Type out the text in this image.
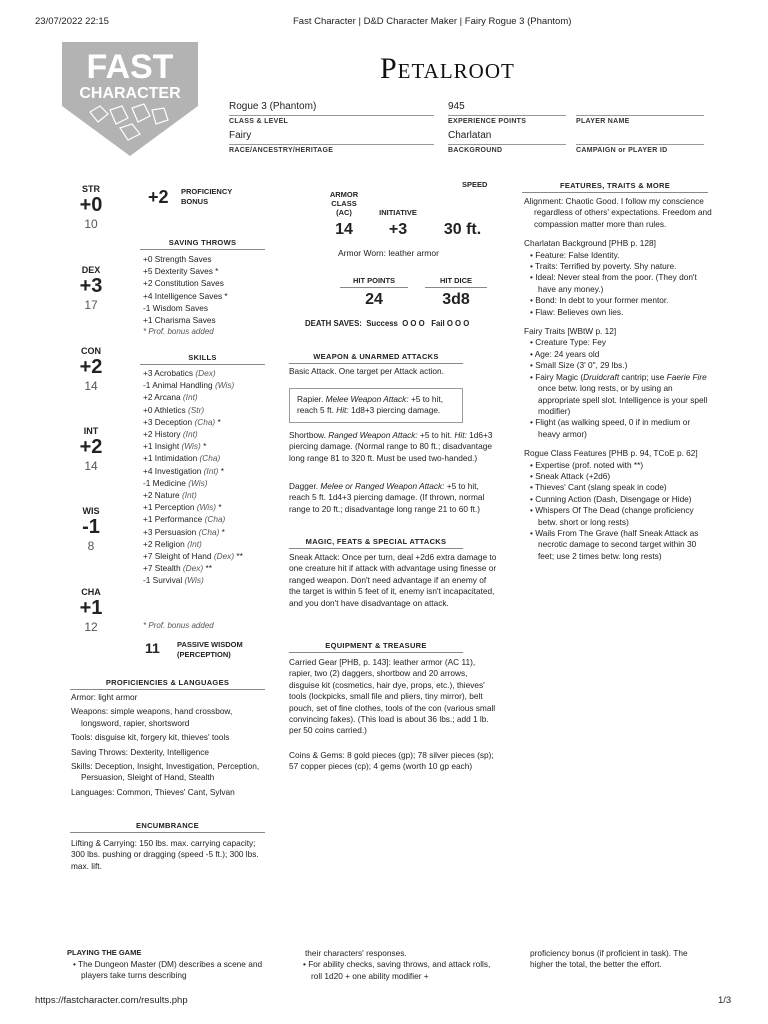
23/07/2022 22:15	Fast Character | D&D Character Maker | Fairy Rogue 3 (Phantom)
FAST
CHARACTER
Petalroot
Rogue 3 (Phantom)
CLASS & LEVEL
945
EXPERIENCE POINTS	PLAYER NAME
Fairy
RACE/ANCESTRY/HERITAGE
Charlatan
BACKGROUND	CAMPAIGN or PLAYER ID
STR
+0
10
DEX
+3
17
CON
+2
14
INT
+2
14
WIS
-1
8
CHA
+1
12
+2 PROFICIENCY
BONUS
SAVING THROWS
+0 Strength Saves
+5 Dexterity Saves *
+2 Constitution Saves
+4 Intelligence Saves *
-1 Wisdom Saves
+1 Charisma Saves
* Prof. bonus added
SKILLS
+3 Acrobatics (Dex)
-1 Animal Handling (Wis)
+2 Arcana (Int)
+0 Athletics (Str)
+3 Deception (Cha) *
+2 History (Int)
+1 Insight (Wis) *
+1 Intimidation (Cha)
+4 Investigation (Int) *
-1 Medicine (Wis)
+2 Nature (Int)
+1 Perception (Wis) *
+1 Performance (Cha)
+3 Persuasion (Cha) *
+2 Religion (Int)
+7 Sleight of Hand (Dex) **
+7 Stealth (Dex) **
-1 Survival (Wis)
* Prof. bonus added
11 PASSIVE WISDOM
(PERCEPTION)
PROFICIENCIES & LANGUAGES
Armor: light armor
Weapons: simple weapons, hand crossbow, longsword, rapier, shortsword
Tools: disguise kit, forgery kit, thieves' tools
Saving Throws: Dexterity, Intelligence
Skills: Deception, Insight, Investigation, Perception, Persuasion, Sleight of Hand, Stealth
Languages: Common, Thieves' Cant, Sylvan
ENCUMBRANCE
Lifting & Carrying: 150 lbs. max. carrying capacity; 300 lbs. pushing or dragging (speed -5 ft.); 300 lbs. max. lift.
SPEED
ARMOR
CLASS
(AC)	INITIATIVE
14	+3	30 ft.
Armor Worn: leather armor
HIT POINTS	HIT DICE
24	3d8
DEATH SAVES:  Success  O O O   Fail O O O
WEAPON & UNARMED ATTACKS
Basic Attack. One target per Attack action.
Rapier. Melee Weapon Attack: +5 to hit, reach 5 ft. Hit: 1d8+3 piercing damage.
Shortbow. Ranged Weapon Attack: +5 to hit. Hit: 1d6+3 piercing damage. (Normal range to 80 ft.; disadvantage long range 81 to 320 ft. Must be used two-handed.)
Dagger. Melee or Ranged Weapon Attack: +5 to hit, reach 5 ft. 1d4+3 piercing damage. (If thrown, normal range to 20 ft.; disadvantage long range 21 to 60 ft.)
MAGIC, FEATS & SPECIAL ATTACKS
Sneak Attack: Once per turn, deal +2d6 extra damage to one creature hit if attack with advantage using finesse or ranged weapon. Don't need advantage if an enemy of the target is within 5 feet of it, enemy isn't incapacitated, and you don't have disadvantage on attack.
EQUIPMENT & TREASURE
Carried Gear [PHB, p. 143]: leather armor (AC 11), rapier, two (2) daggers, shortbow and 20 arrows, disguise kit (cosmetics, hair dye, props, etc.), thieves' tools (lockpicks, small file and pliers, tiny mirror), belt pouch, set of fine clothes, tools of the con (various small convincing fakes). (This load is about 36 lbs.; add 1 lb. per 50 coins carried.)
Coins & Gems: 8 gold pieces (gp); 78 silver pieces (sp); 57 copper pieces (cp); 4 gems (worth 10 gp each)
FEATURES, TRAITS & MORE
Alignment: Chaotic Good. I follow my conscience regardless of others' expectations. Freedom and compassion matter more than rules.
Charlatan Background [PHB p. 128]
• Feature: False Identity.
• Traits: Terrified by poverty. Shy nature.
• Ideal: Never steal from the poor. (They don't have any money.)
• Bond: In debt to your former mentor.
• Flaw: Believes own lies.
Fairy Traits [WBtW p. 12]
• Creature Type: Fey
• Age: 24 years old
• Small Size (3' 0", 29 lbs.)
• Fairy Magic (Druidcraft cantrip; use Faerie Fire once betw. long rests, or by using an appropriate spell slot. Intelligence is your spell modifier)
• Flight (as walking speed, 0 if in medium or heavy armor)
Rogue Class Features [PHB p. 94, TCoE p. 62]
• Expertise (prof. noted with **)
• Sneak Attack (+2d6)
• Thieves' Cant (slang speak in code)
• Cunning Action (Dash, Disengage or Hide)
• Whispers Of The Dead (change proficiency betw. short or long rests)
• Wails From The Grave (half Sneak Attack as necrotic damage to second target within 30 feet; use 2 times betw. long rests)
PLAYING THE GAME
• The Dungeon Master (DM) describes a scene and players take turns describing
their characters' responses.
• For ability checks, saving throws, and attack rolls, roll 1d20 + one ability modifier +
proficiency bonus (if proficient in task). The higher the total, the better the effort.
https://fastcharacter.com/results.php	1/3
